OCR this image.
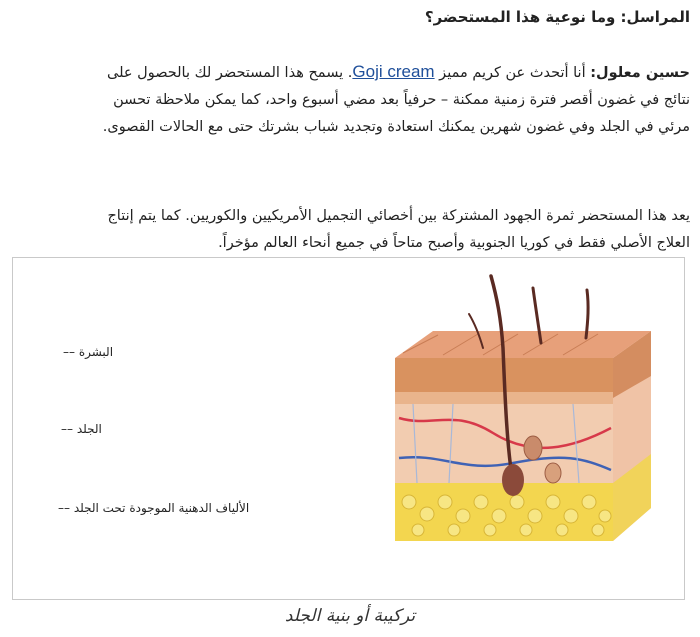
المراسل: وما نوعية هذا المستحضر؟
حسين معلول: أنا أتحدث عن كريم مميز Goji cream. يسمح هذا المستحضر لك بالحصول على
نتائج في غضون أقصر فترة زمنية ممكنة – حرفياً بعد مضي أسبوع واحد، كما يمكن ملاحظة تحسن
مرئي في الجلد وفي غضون شهرين يمكنك استعادة وتجديد شباب بشرتك حتى مع الحالات القصوى.
يعد هذا المستحضر ثمرة الجهود المشتركة بين أخصائي التجميل الأمريكيين والكوريين. كما يتم إنتاج
العلاج الأصلي فقط في كوريا الجنوبية وأصبح متاحاً في جميع أنحاء العالم مؤخراً.
البشرة ––
الجلد ––
الألياف الدهنية الموجودة تحت الجلد ––
تركيبة أو بنية الجلد
